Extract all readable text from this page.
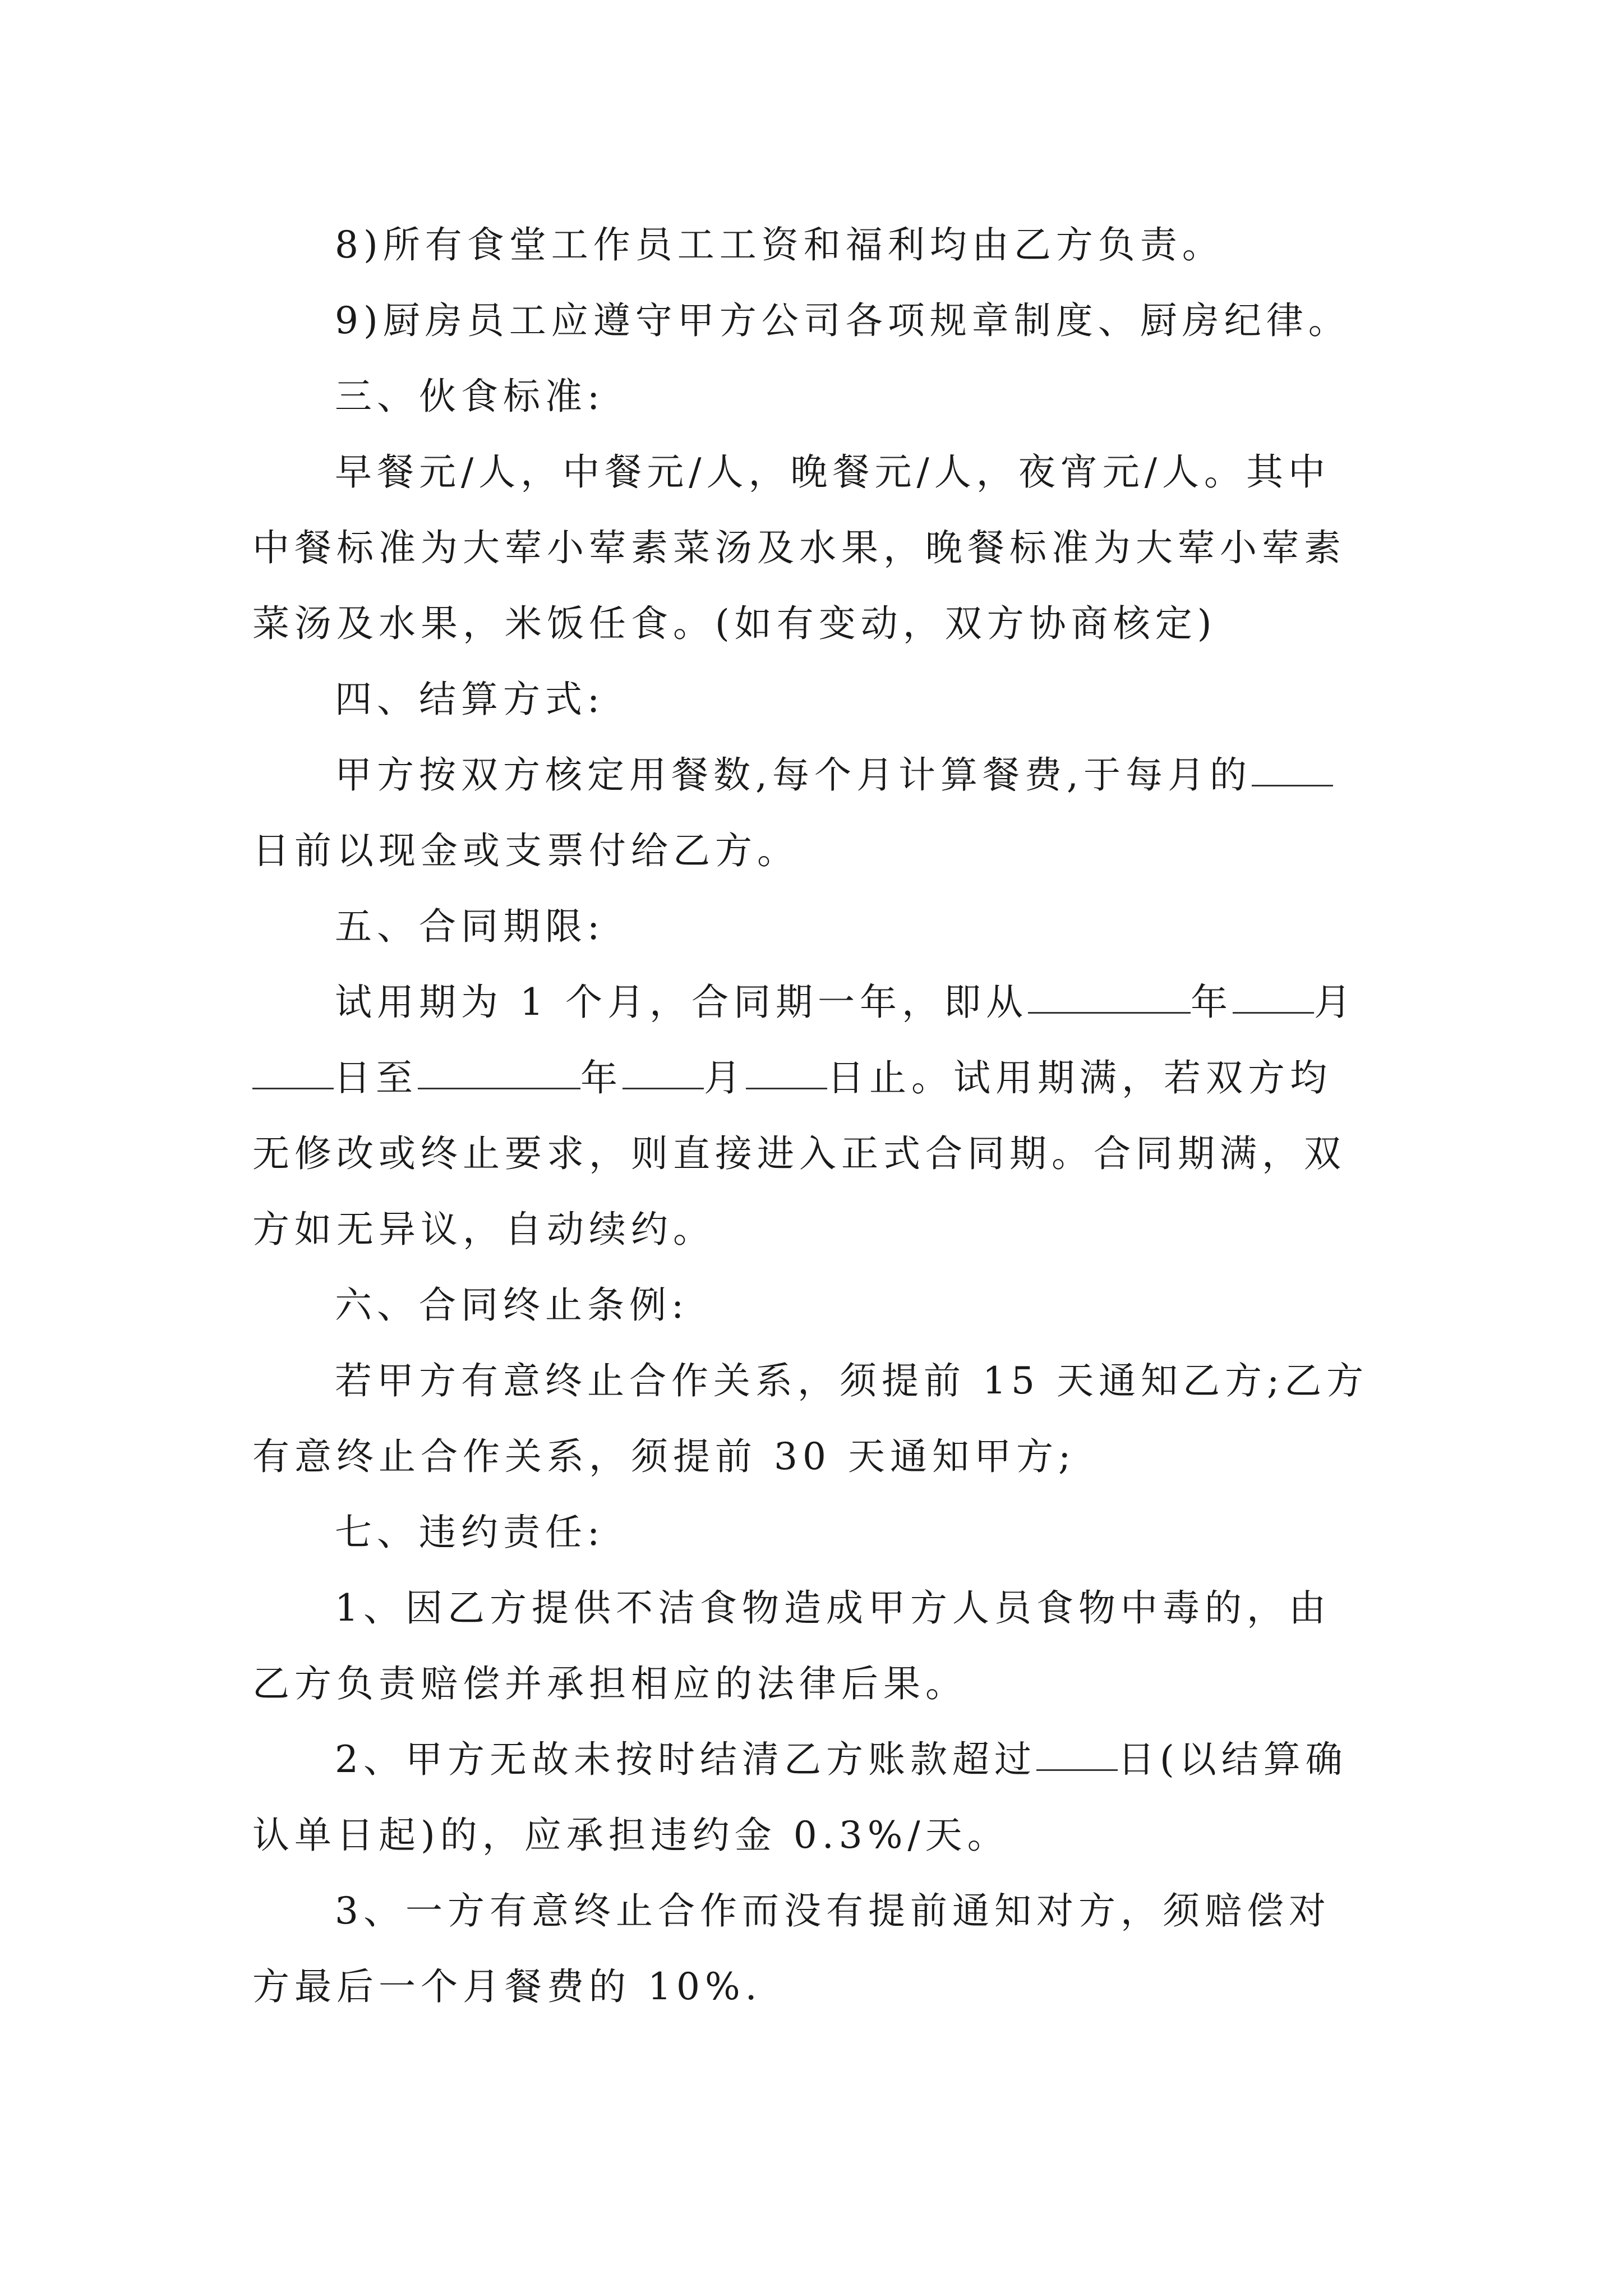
8)所有食堂工作员工工资和福利均由乙方负责。
9)厨房员工应遵守甲方公司各项规章制度、厨房纪律。
三、伙食标准:
早餐元/人，中餐元/人，晚餐元/人，夜宵元/人。其中
中餐标准为大荤小荤素菜汤及水果，晚餐标准为大荤小荤素
菜汤及水果，米饭任食。(如有变动，双方协商核定)
四、结算方式:
甲方按双方核定用餐数,每个月计算餐费,于每月的
日前以现金或支票付给乙方。
五、合同期限:
试用期为 1 个月，合同期一年，即从	年 月
日至	年 月 日止。试用期满，若双方均
无修改或终止要求，则直接进入正式合同期。合同期满，双
方如无异议，自动续约。
六、合同终止条例:
若甲方有意终止合作关系，须提前 15 天通知乙方;乙方
有意终止合作关系，须提前 30 天通知甲方;
七、违约责任:
1、因乙方提供不洁食物造成甲方人员食物中毒的，由
乙方负责赔偿并承担相应的法律后果。
2、甲方无故未按时结清乙方账款超过 日(以结算确
认单日起)的，应承担违约金 0.3%/天。
3、一方有意终止合作而没有提前通知对方，须赔偿对
方最后一个月餐费的 10%.
